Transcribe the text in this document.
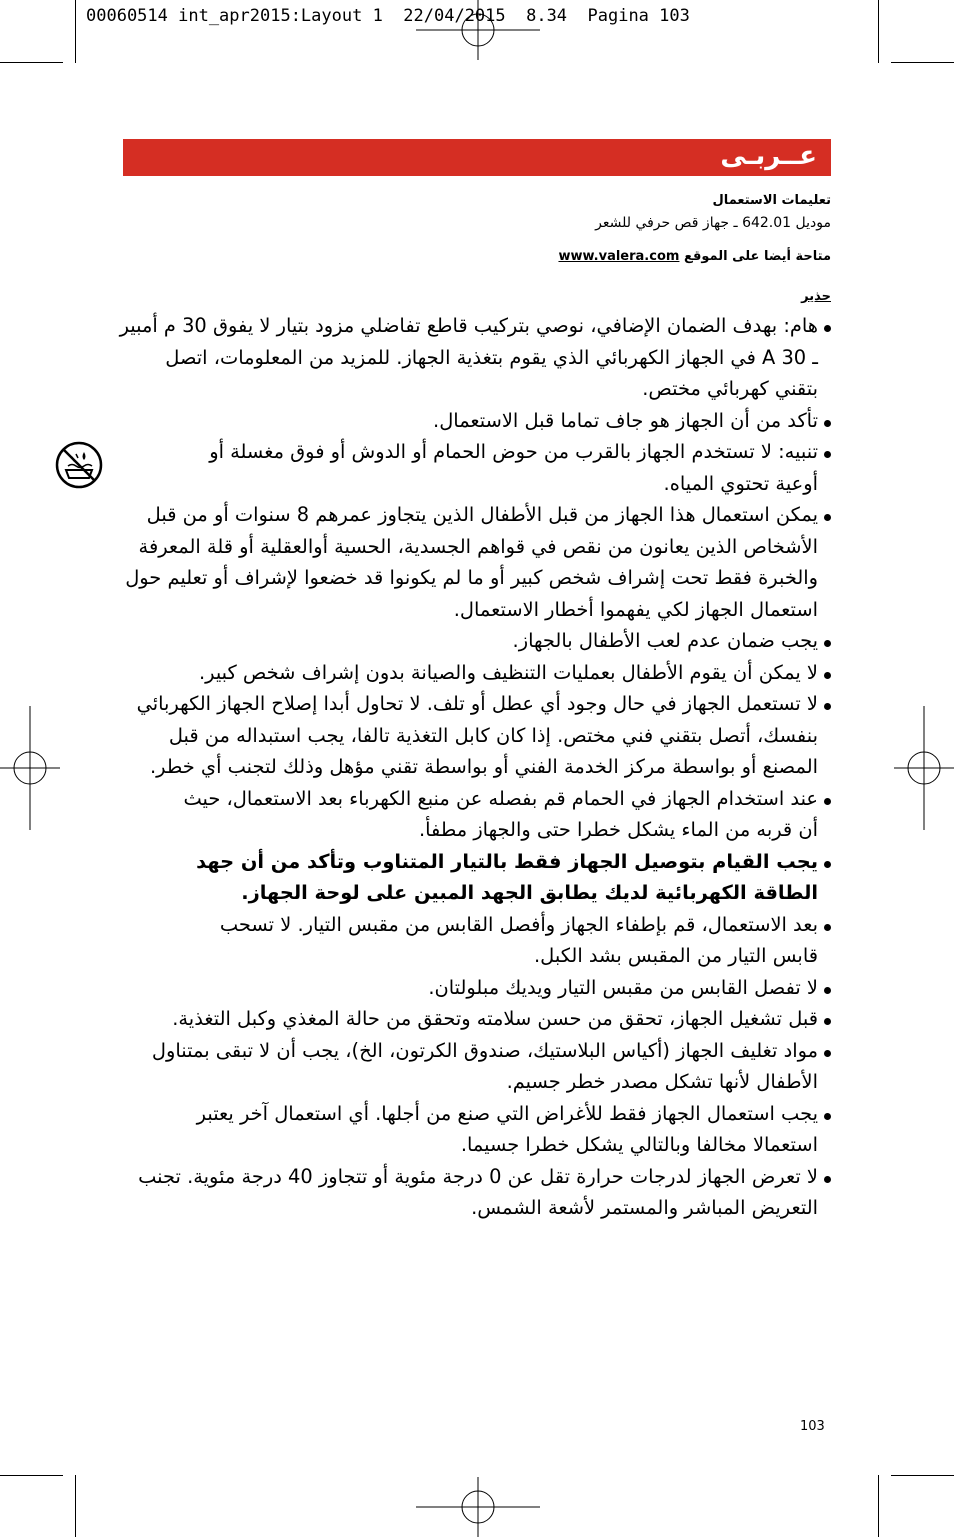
00060514 int_apr2015:Layout 1  22/04/2015  8.34  Pagina 103
عــربـى
تعليمات الاستعمال
موديل 642.01 ـ جهاز قص حرفي للشعر
متاحة أيضا على الموقع www.valera.com
حذير
هام: بهدف الضمان الإضافي، نوصي بتركيب قاطع تفاضلي مزود بتيار لا يفوق 30 م أمبير ـ A 30 في الجهاز الكهربائي الذي يقوم بتغذية الجهاز. للمزيد من المعلومات، اتصل بتقني كهربائي مختص.
تأكد من أن الجهاز هو جاف تماما قبل الاستعمال.
تنبيه: لا تستخدم الجهاز بالقرب من حوض الحمام أو الدوش أو فوق مغسلة أو أوعية تحتوي المياه.
يمكن استعمال هذا الجهاز من قبل الأطفال الذين يتجاوز عمرهم 8 سنوات أو من قبل الأشخاص الذين يعانون من نقص في قواهم الجسدية، الحسية أوالعقلية أو قلة المعرفة والخبرة فقط تحت إشراف شخص كبير أو ما لم يكونوا قد خضعوا لإشراف أو تعليم حول استعمال الجهاز لكي يفهموا أخطار الاستعمال.
يجب ضمان عدم لعب الأطفال بالجهاز.
لا يمكن أن يقوم الأطفال بعمليات التنظيف والصيانة بدون إشراف شخص كبير.
لا تستعمل الجهاز في حال وجود أي عطل أو تلف. لا تحاول أبدا إصلاح الجهاز الكهربائي بنفسك، أتصل بتقني فني مختص. إذا كان كابل التغذية تالفا، يجب استبداله من قبل المصنع أو بواسطة مركز الخدمة الفني أو بواسطة تقني مؤهل وذلك لتجنب أي خطر.
عند استخدام الجهاز في الحمام قم بفصله عن منبع الكهرباء بعد الاستعمال، حيث أن قربه من الماء يشكل خطرا حتى والجهاز مطفأ.
يجب القيام بتوصيل الجهاز فقط بالتيار المتناوب وتأكد من أن جهد الطاقة الكهربائية لديك يطابق الجهد المبين على لوحة الجهاز.
بعد الاستعمال، قم بإطفاء الجهاز وأفصل القابس من مقبس التيار. لا تسحب قابس التيار من المقبس بشد الكبل.
لا تفصل القابس من مقبس التيار ويديك مبلولتان.
قبل تشغيل الجهاز، تحقق من حسن سلامته وتحقق من حالة المغذي وكبل التغذية.
مواد تغليف الجهاز (أكياس البلاستيك، صندوق الكرتون، الخ)، يجب أن لا تبقى بمتناول الأطفال لأنها تشكل مصدر خطر جسيم.
يجب استعمال الجهاز فقط للأغراض التي صنع من أجلها. أي استعمال آخر يعتبر استعمالا مخالفا وبالتالي يشكل خطرا جسيما.
لا تعرض الجهاز لدرجات حرارة تقل عن 0 درجة مئوية أو تتجاوز 40 درجة مئوية. تجنب التعريض المباشر والمستمر لأشعة الشمس.
103
